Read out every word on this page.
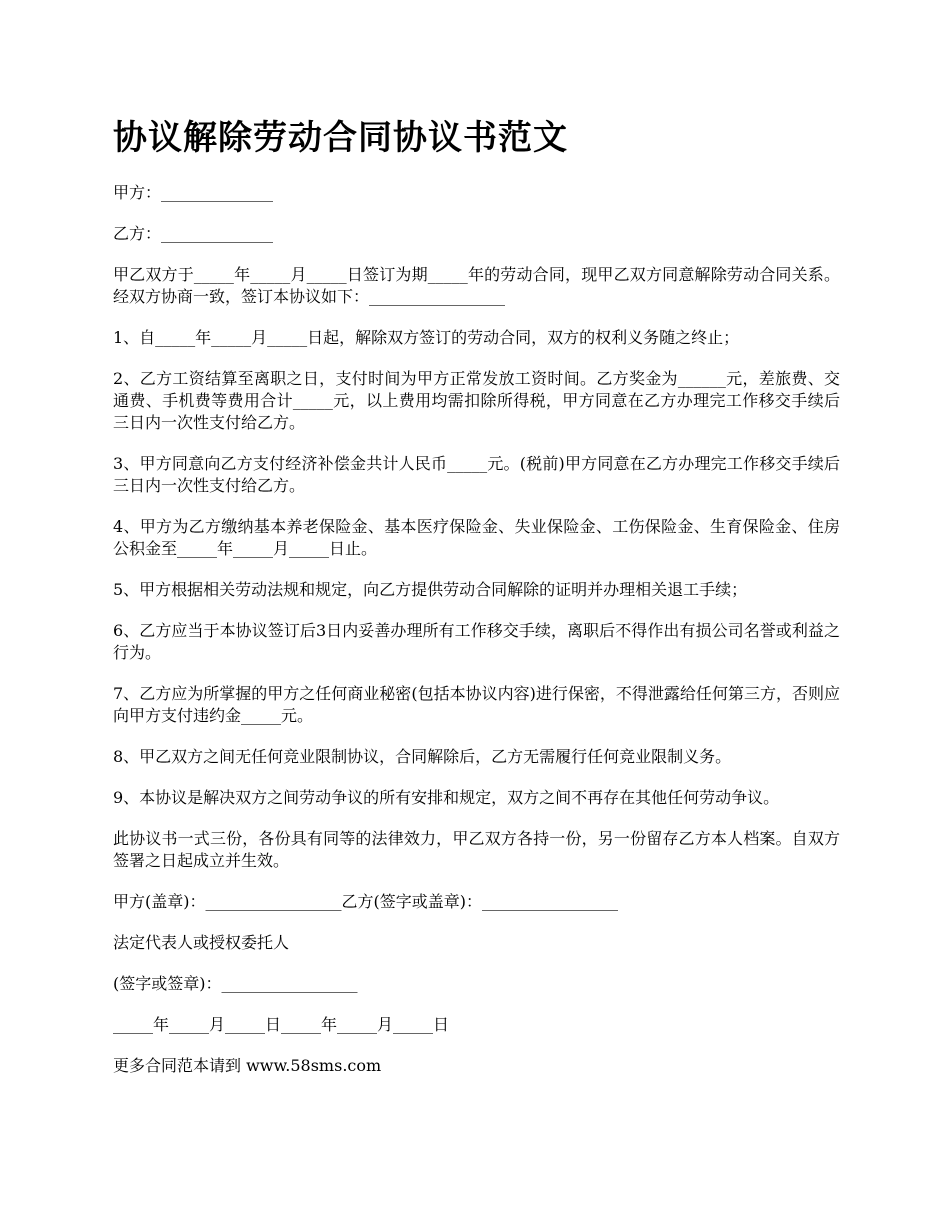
协议解除劳动合同协议书范文

甲方：______________

乙方：______________

甲乙双方于_____年_____月_____日签订为期_____年的劳动合同，现甲乙双方同意解除劳动合同关系。经双方协商一致，签订本协议如下：_________________

1、自_____年_____月_____日起，解除双方签订的劳动合同，双方的权利义务随之终止；

2、乙方工资结算至离职之日，支付时间为甲方正常发放工资时间。乙方奖金为______元，差旅费、交通费、手机费等费用合计_____元，以上费用均需扣除所得税，甲方同意在乙方办理完工作移交手续后三日内一次性支付给乙方。

3、甲方同意向乙方支付经济补偿金共计人民币_____元。(税前)甲方同意在乙方办理完工作移交手续后三日内一次性支付给乙方。

4、甲方为乙方缴纳基本养老保险金、基本医疗保险金、失业保险金、工伤保险金、生育保险金、住房公积金至_____年_____月_____日止。

5、甲方根据相关劳动法规和规定，向乙方提供劳动合同解除的证明并办理相关退工手续；

6、乙方应当于本协议签订后3日内妥善办理所有工作移交手续，离职后不得作出有损公司名誉或利益之行为。

7、乙方应为所掌握的甲方之任何商业秘密(包括本协议内容)进行保密，不得泄露给任何第三方，否则应向甲方支付违约金_____元。

8、甲乙双方之间无任何竞业限制协议，合同解除后，乙方无需履行任何竞业限制义务。

9、本协议是解决双方之间劳动争议的所有安排和规定，双方之间不再存在其他任何劳动争议。

此协议书一式三份，各份具有同等的法律效力，甲乙双方各持一份，另一份留存乙方本人档案。自双方签署之日起成立并生效。

甲方(盖章)：_________________乙方(签字或盖章)：_________________

法定代表人或授权委托人

(签字或签章)：_________________

_____年_____月_____日_____年_____月_____日

更多合同范本请到 www.58sms.com
